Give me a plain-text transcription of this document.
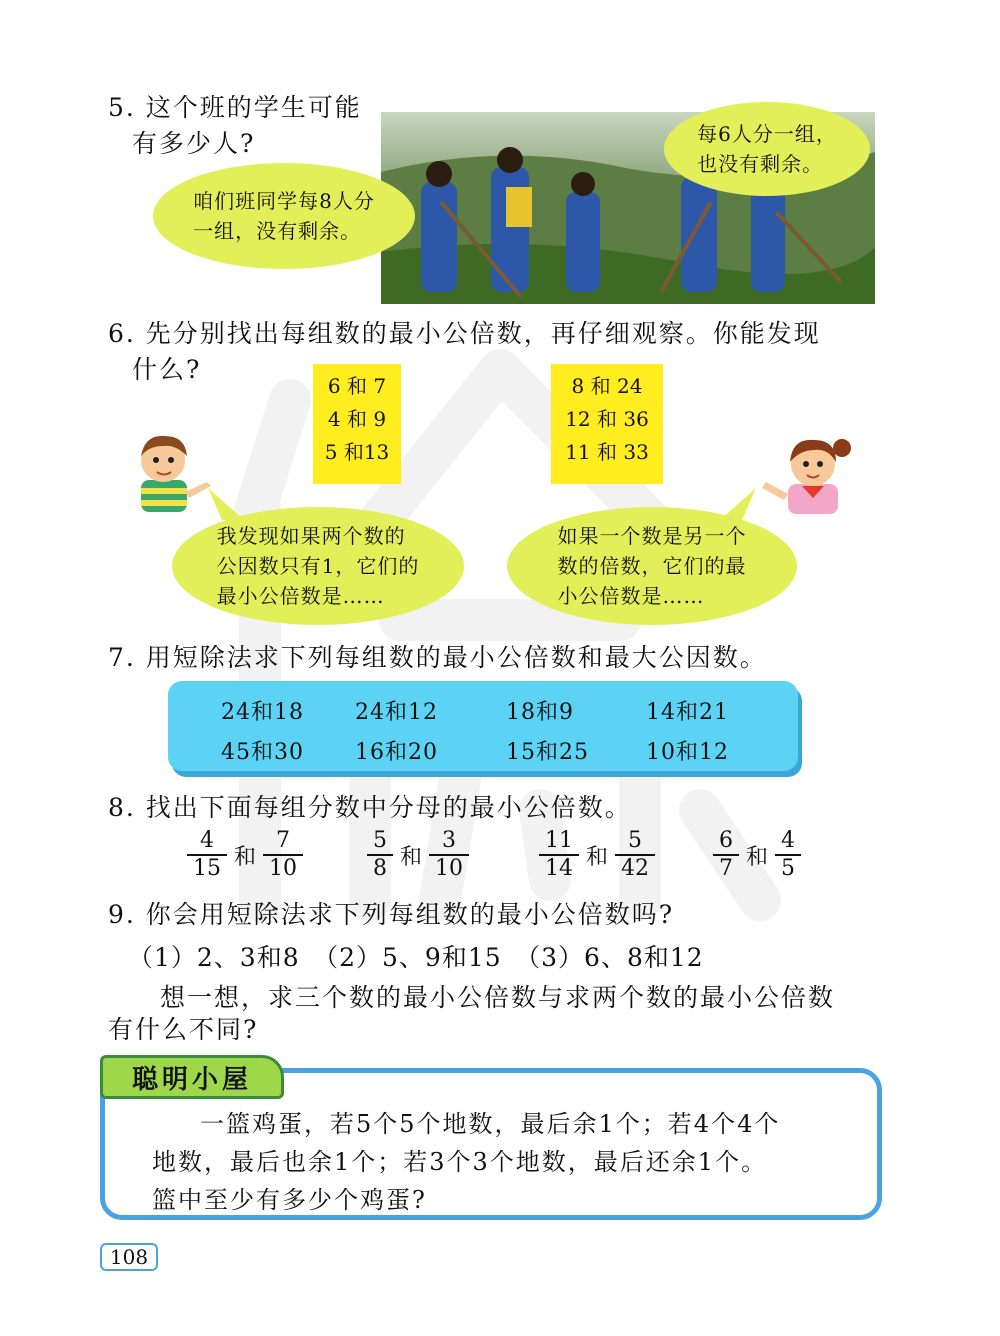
5. 这个班的学生可能
有多少人?
咱们班同学每8人分
一组，没有剩余。
每6人分一组，
也没有剩余。
6. 先分别找出每组数的最小公倍数，再仔细观察。你能发现
什么?
6 和 7
4 和 9
5 和13
8 和 24
12 和 36
11 和 33
我发现如果两个数的
公因数只有1，它们的
最小公倍数是……
如果一个数是另一个
数的倍数，它们的最
小公倍数是……
7. 用短除法求下列每组数的最小公倍数和最大公因数。
24和18 24和12	18和9	14和21
45和30 16和20	15和25	10和12
8. 找出下面每组分数中分母的最小公倍数。
4
15 和
7
10
5
8 和
3
10
11
14 和
5
42
6
7 和
4
5
9. 你会用短除法求下列每组数的最小公倍数吗?
（1）2、3和8　（2）5、9和15　（3）6、8和12
想一想，求三个数的最小公倍数与求两个数的最小公倍数
有什么不同?
聪明小屋
一篮鸡蛋，若5个5个地数，最后余1个；若4个4个
地数，最后也余1个；若3个3个地数，最后还余1个。
篮中至少有多少个鸡蛋?
108
